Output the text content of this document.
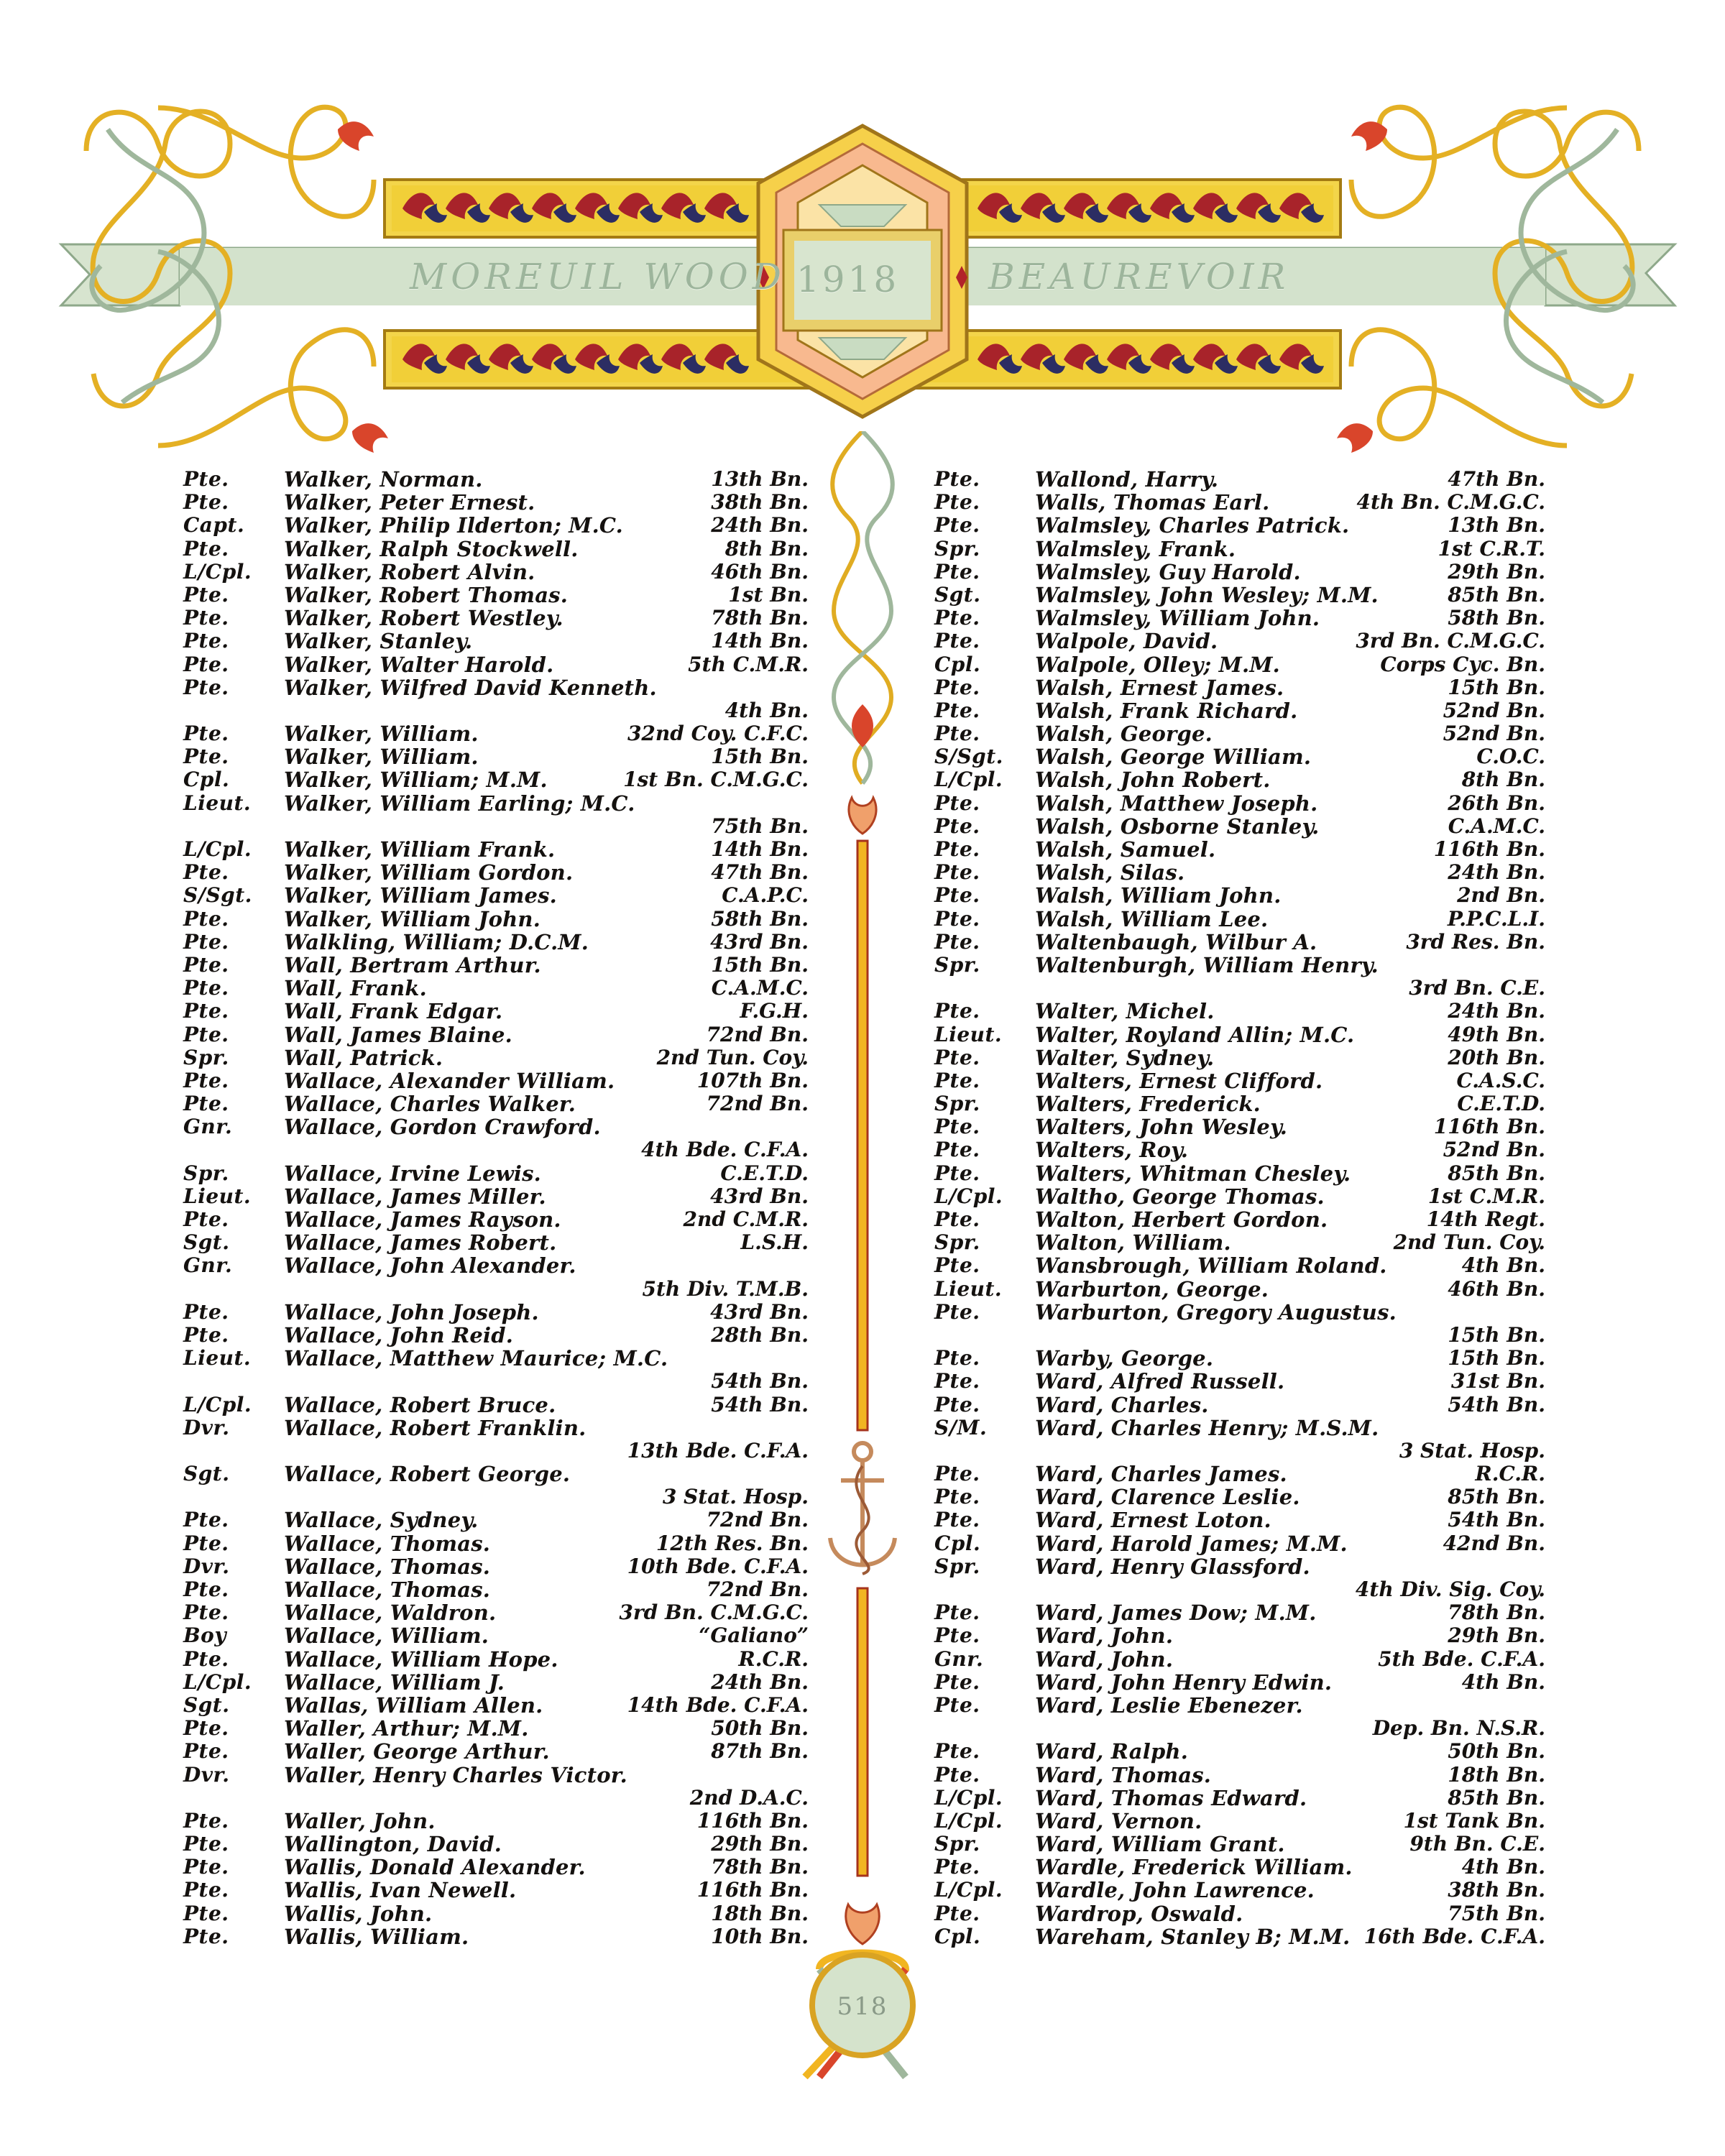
MOREUIL WOOD 1918 BEAUREVOIR
518
Pte.	Walker, Norman.	13th Bn.
Pte.	Walker, Peter Ernest.	38th Bn.
Capt. Walker, Philip Ilderton; M.C.	24th Bn.
Pte.	Walker, Ralph Stockwell.	8th Bn.
L/Cpl. Walker, Robert Alvin.	46th Bn.
Pte.	Walker, Robert Thomas.	1st Bn.
Pte.	Walker, Robert Westley.	78th Bn.
Pte.	Walker, Stanley.	14th Bn.
Pte.	Walker, Walter Harold.	5th C.M.R.
Pte.	Walker, Wilfred David Kenneth.
4th Bn.
Pte.	Walker, William.	32nd Coy. C.F.C.
Pte.	Walker, William.	15th Bn.
Cpl.	Walker, William; M.M.	1st Bn. C.M.G.C.
Lieut. Walker, William Earling; M.C.
75th Bn.
L/Cpl. Walker, William Frank.	14th Bn.
Pte.	Walker, William Gordon.	47th Bn.
S/Sgt. Walker, William James.	C.A.P.C.
Pte.	Walker, William John.	58th Bn.
Pte.	Walkling, William; D.C.M.	43rd Bn.
Pte.	Wall, Bertram Arthur.	15th Bn.
Pte.	Wall, Frank.	C.A.M.C.
Pte.	Wall, Frank Edgar.	F.G.H.
Pte.	Wall, James Blaine.	72nd Bn.
Spr.	Wall, Patrick.	2nd Tun. Coy.
Pte.	Wallace, Alexander William.	107th Bn.
Pte.	Wallace, Charles Walker.	72nd Bn.
Gnr. Wallace, Gordon Crawford.
4th Bde. C.F.A.
Spr.	Wallace, Irvine Lewis.	C.E.T.D.
Lieut. Wallace, James Miller.	43rd Bn.
Pte.	Wallace, James Rayson.	2nd C.M.R.
Sgt.	Wallace, James Robert.	L.S.H.
Gnr. Wallace, John Alexander.
5th Div. T.M.B.
Pte.	Wallace, John Joseph.	43rd Bn.
Pte.	Wallace, John Reid.	28th Bn.
Lieut. Wallace, Matthew Maurice; M.C.
54th Bn.
L/Cpl. Wallace, Robert Bruce.	54th Bn.
Dvr.	Wallace, Robert Franklin.
13th Bde. C.F.A.
Sgt.	Wallace, Robert George.
3 Stat. Hosp.
Pte.	Wallace, Sydney.	72nd Bn.
Pte.	Wallace, Thomas.	12th Res. Bn.
Dvr.	Wallace, Thomas.	10th Bde. C.F.A.
Pte.	Wallace, Thomas.	72nd Bn.
Pte.	Wallace, Waldron.	3rd Bn. C.M.G.C.
Boy	Wallace, William.	“Galiano”
Pte.	Wallace, William Hope.	R.C.R.
L/Cpl. Wallace, William J.	24th Bn.
Sgt.	Wallas, William Allen.	14th Bde. C.F.A.
Pte.	Waller, Arthur; M.M.	50th Bn.
Pte.	Waller, George Arthur.	87th Bn.
Dvr.	Waller, Henry Charles Victor.
2nd D.A.C.
Pte.	Waller, John.	116th Bn.
Pte.	Wallington, David.	29th Bn.
Pte.	Wallis, Donald Alexander.	78th Bn.
Pte.	Wallis, Ivan Newell.	116th Bn.
Pte.	Wallis, John.	18th Bn.
Pte.	Wallis, William.	10th Bn.
Pte.	Wallond, Harry.	47th Bn.
Pte.	Walls, Thomas Earl.	4th Bn. C.M.G.C.
Pte.	Walmsley, Charles Patrick.	13th Bn.
Spr.	Walmsley, Frank.	1st C.R.T.
Pte.	Walmsley, Guy Harold.	29th Bn.
Sgt.	Walmsley, John Wesley; M.M.	85th Bn.
Pte.	Walmsley, William John.	58th Bn.
Pte.	Walpole, David.	3rd Bn. C.M.G.C.
Cpl.	Walpole, Olley; M.M.	Corps Cyc. Bn.
Pte.	Walsh, Ernest James.	15th Bn.
Pte.	Walsh, Frank Richard.	52nd Bn.
Pte.	Walsh, George.	52nd Bn.
S/Sgt. Walsh, George William.	C.O.C.
L/Cpl. Walsh, John Robert.	8th Bn.
Pte.	Walsh, Matthew Joseph.	26th Bn.
Pte.	Walsh, Osborne Stanley.	C.A.M.C.
Pte.	Walsh, Samuel.	116th Bn.
Pte.	Walsh, Silas.	24th Bn.
Pte.	Walsh, William John.	2nd Bn.
Pte.	Walsh, William Lee.	P.P.C.L.I.
Pte.	Waltenbaugh, Wilbur A.	3rd Res. Bn.
Spr.	Waltenburgh, William Henry.
3rd Bn. C.E.
Pte.	Walter, Michel.	24th Bn.
Lieut. Walter, Royland Allin; M.C.	49th Bn.
Pte.	Walter, Sydney.	20th Bn.
Pte.	Walters, Ernest Clifford.	C.A.S.C.
Spr.	Walters, Frederick.	C.E.T.D.
Pte.	Walters, John Wesley.	116th Bn.
Pte.	Walters, Roy.	52nd Bn.
Pte.	Walters, Whitman Chesley.	85th Bn.
L/Cpl. Waltho, George Thomas.	1st C.M.R.
Pte.	Walton, Herbert Gordon.	14th Regt.
Spr.	Walton, William.	2nd Tun. Coy.
Pte.	Wansbrough, William Roland.	4th Bn.
Lieut. Warburton, George.	46th Bn.
Pte.	Warburton, Gregory Augustus.
15th Bn.
Pte.	Warby, George.	15th Bn.
Pte.	Ward, Alfred Russell.	31st Bn.
Pte.	Ward, Charles.	54th Bn.
S/M. Ward, Charles Henry; M.S.M.
3 Stat. Hosp.
Pte.	Ward, Charles James.	R.C.R.
Pte.	Ward, Clarence Leslie.	85th Bn.
Pte.	Ward, Ernest Loton.	54th Bn.
Cpl.	Ward, Harold James; M.M.	42nd Bn.
Spr.	Ward, Henry Glassford.
4th Div. Sig. Coy.
Pte.	Ward, James Dow; M.M.	78th Bn.
Pte.	Ward, John.	29th Bn.
Gnr. Ward, John.	5th Bde. C.F.A.
Pte.	Ward, John Henry Edwin.	4th Bn.
Pte.	Ward, Leslie Ebenezer.
Dep. Bn. N.S.R.
Pte.	Ward, Ralph.	50th Bn.
Pte.	Ward, Thomas.	18th Bn.
L/Cpl. Ward, Thomas Edward.	85th Bn.
L/Cpl. Ward, Vernon.	1st Tank Bn.
Spr.	Ward, William Grant.	9th Bn. C.E.
Pte.	Wardle, Frederick William.	4th Bn.
L/Cpl. Wardle, John Lawrence.	38th Bn.
Pte.	Wardrop, Oswald.	75th Bn.
Cpl.	Wareham, Stanley B; M.M. 16th Bde. C.F.A.
